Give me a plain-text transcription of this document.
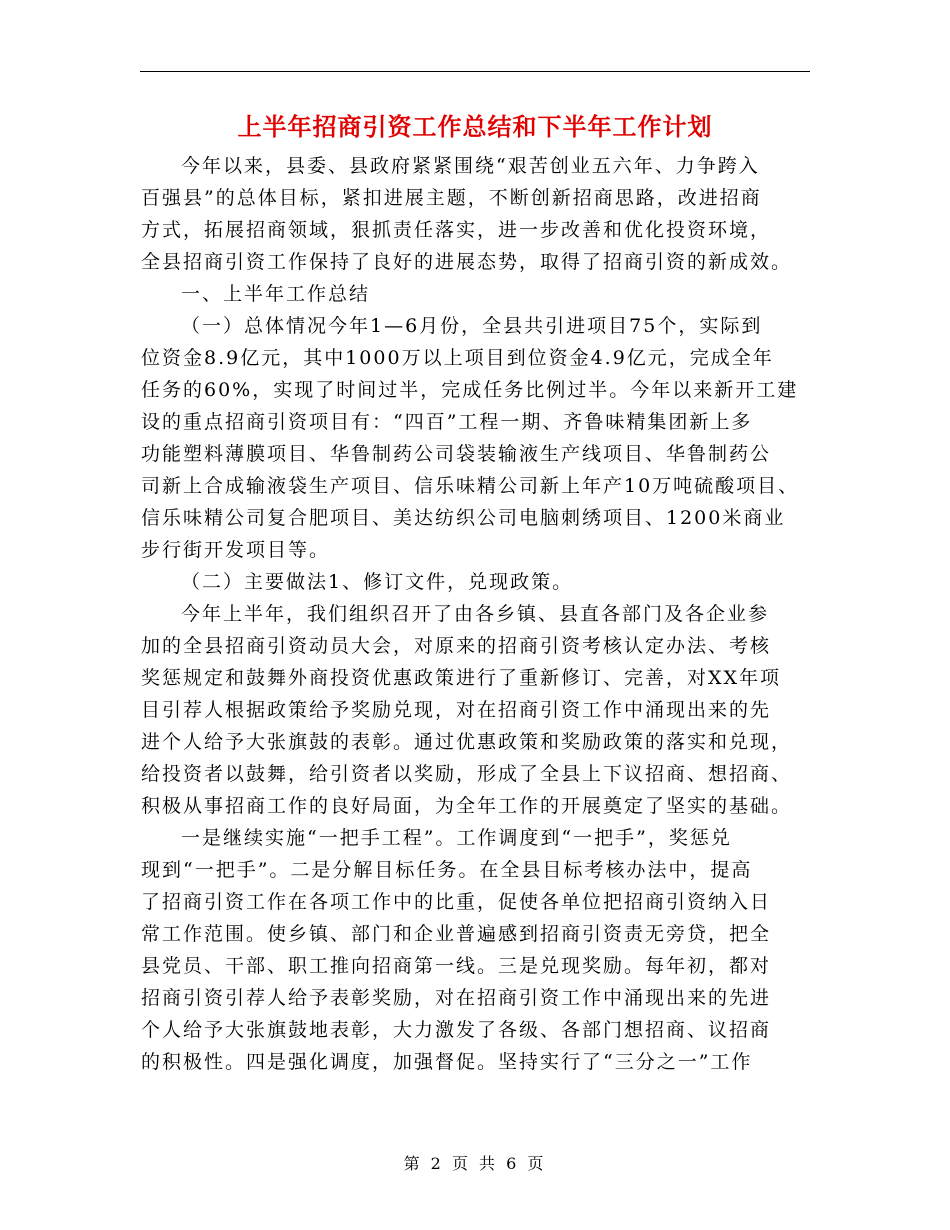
上半年招商引资工作总结和下半年工作计划

今年以来，县委、县政府紧紧围绕“艰苦创业五六年、力争跨入
百强县”的总体目标，紧扣进展主题，不断创新招商思路，改进招商
方式，拓展招商领域，狠抓责任落实，进一步改善和优化投资环境，
全县招商引资工作保持了良好的进展态势，取得了招商引资的新成效。

一、上半年工作总结

（一）总体情况今年1—6月份，全县共引进项目75个，实际到
位资金8.9亿元，其中1000万以上项目到位资金4.9亿元，完成全年
任务的60%，实现了时间过半，完成任务比例过半。今年以来新开工建
设的重点招商引资项目有：“四百”工程一期、齐鲁味精集团新上多
功能塑料薄膜项目、华鲁制药公司袋装输液生产线项目、华鲁制药公
司新上合成输液袋生产项目、信乐味精公司新上年产10万吨硫酸项目、
信乐味精公司复合肥项目、美达纺织公司电脑刺绣项目、1200米商业
步行街开发项目等。

（二）主要做法1、修订文件，兑现政策。

今年上半年，我们组织召开了由各乡镇、县直各部门及各企业参
加的全县招商引资动员大会，对原来的招商引资考核认定办法、考核
奖惩规定和鼓舞外商投资优惠政策进行了重新修订、完善，对XX年项
目引荐人根据政策给予奖励兑现，对在招商引资工作中涌现出来的先
进个人给予大张旗鼓的表彰。通过优惠政策和奖励政策的落实和兑现，
给投资者以鼓舞，给引资者以奖励，形成了全县上下议招商、想招商、
积极从事招商工作的良好局面，为全年工作的开展奠定了坚实的基础。

一是继续实施“一把手工程”。工作调度到“一把手”，奖惩兑
现到“一把手”。二是分解目标任务。在全县目标考核办法中，提高
了招商引资工作在各项工作中的比重，促使各单位把招商引资纳入日
常工作范围。使乡镇、部门和企业普遍感到招商引资责无旁贷，把全
县党员、干部、职工推向招商第一线。三是兑现奖励。每年初，都对
招商引资引荐人给予表彰奖励，对在招商引资工作中涌现出来的先进
个人给予大张旗鼓地表彰，大力激发了各级、各部门想招商、议招商
的积极性。四是强化调度，加强督促。坚持实行了“三分之一”工作

第 2 页 共 6 页
